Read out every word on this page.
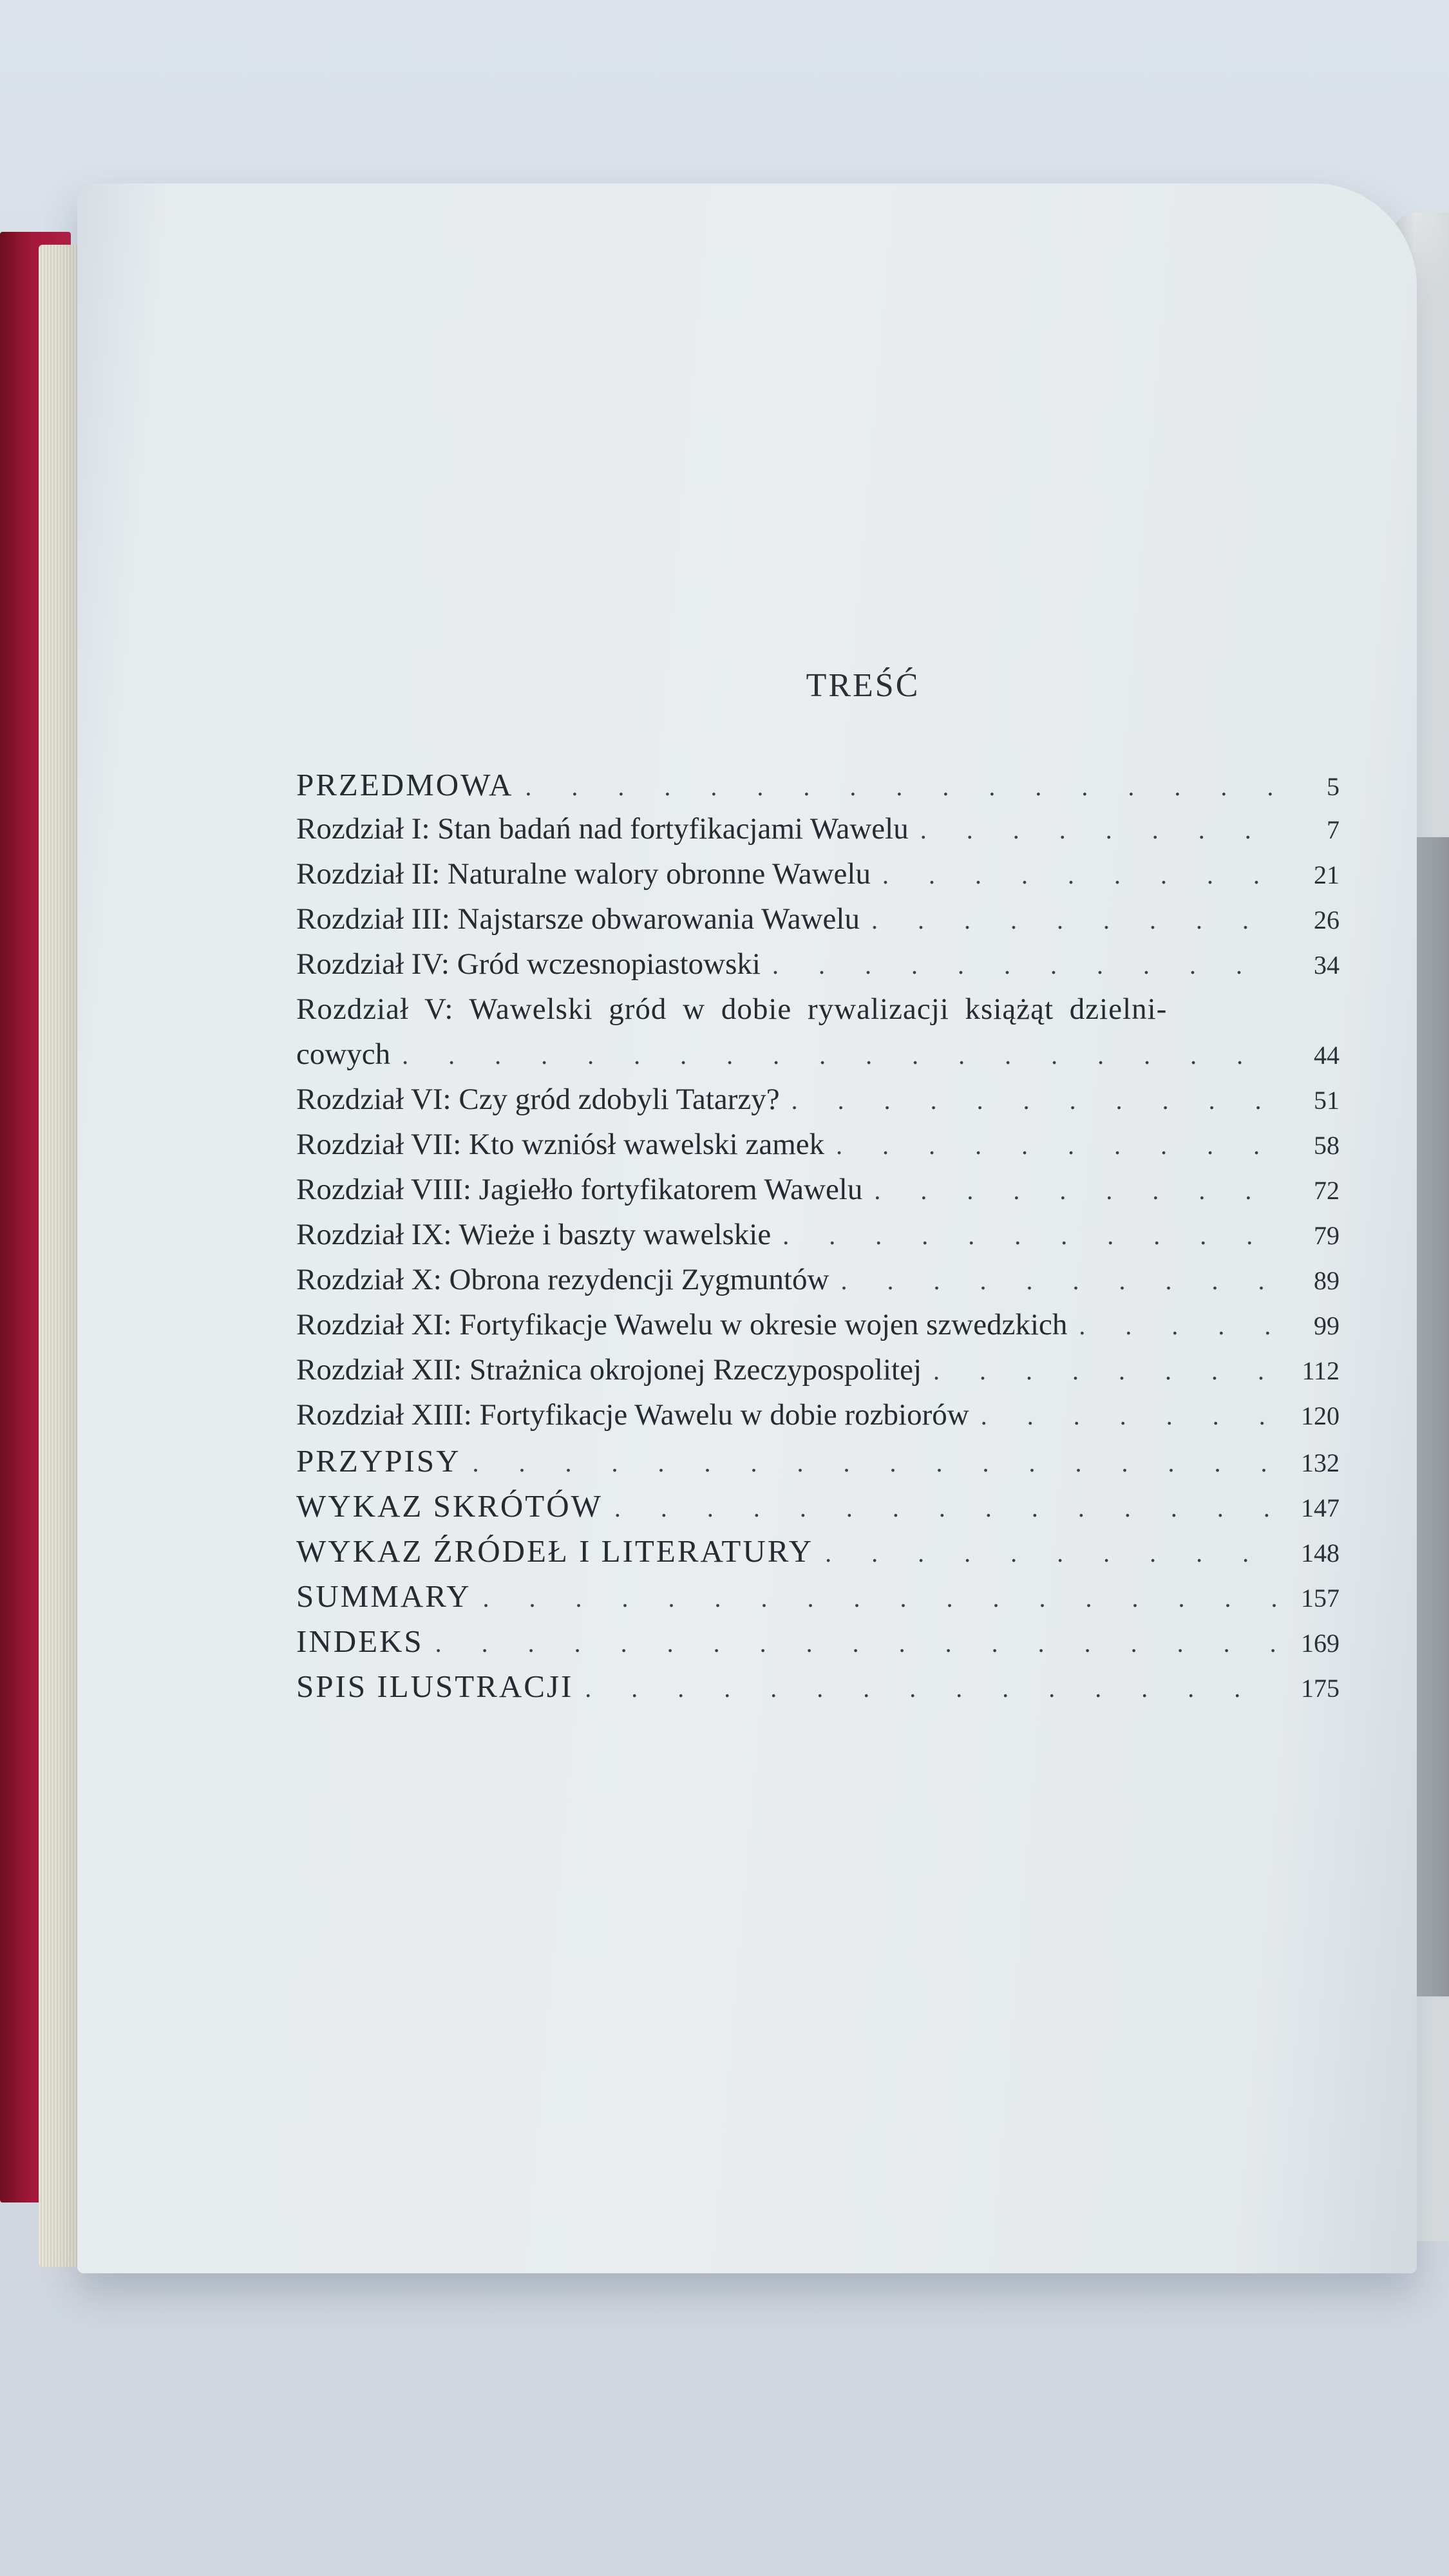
TREŚĆ
PRZEDMOWA . . .	5
Rozdział I: Stan badań nad fortyfikacjami Wawelu . . .	7
Rozdział II: Naturalne walory obronne Wawelu . . .	21
Rozdział III: Najstarsze obwarowania Wawelu . . .	26
Rozdział IV: Gród wczesnopiastowski . . .	34
Rozdział V: Wawelski gród w dobie rywalizacji książąt dzielni-
cowych . . .	44
Rozdział VI: Czy gród zdobyli Tatarzy? . . .	51
Rozdział VII: Kto wzniósł wawelski zamek . . .	58
Rozdział VIII: Jagiełło fortyfikatorem Wawelu . . .	72
Rozdział IX: Wieże i baszty wawelskie . . .	79
Rozdział X: Obrona rezydencji Zygmuntów . . .	89
Rozdział XI: Fortyfikacje Wawelu w okresie wojen szwedzkich . . .	99
Rozdział XII: Strażnica okrojonej Rzeczypospolitej . . .	112
Rozdział XIII: Fortyfikacje Wawelu w dobie rozbiorów . . .	120
PRZYPISY . . .	132
WYKAZ SKRÓTÓW . . .	147
WYKAZ ŹRÓDEŁ I LITERATURY . . .	148
SUMMARY . . .	157
INDEKS . . .	169
SPIS ILUSTRACJI . . .	175
